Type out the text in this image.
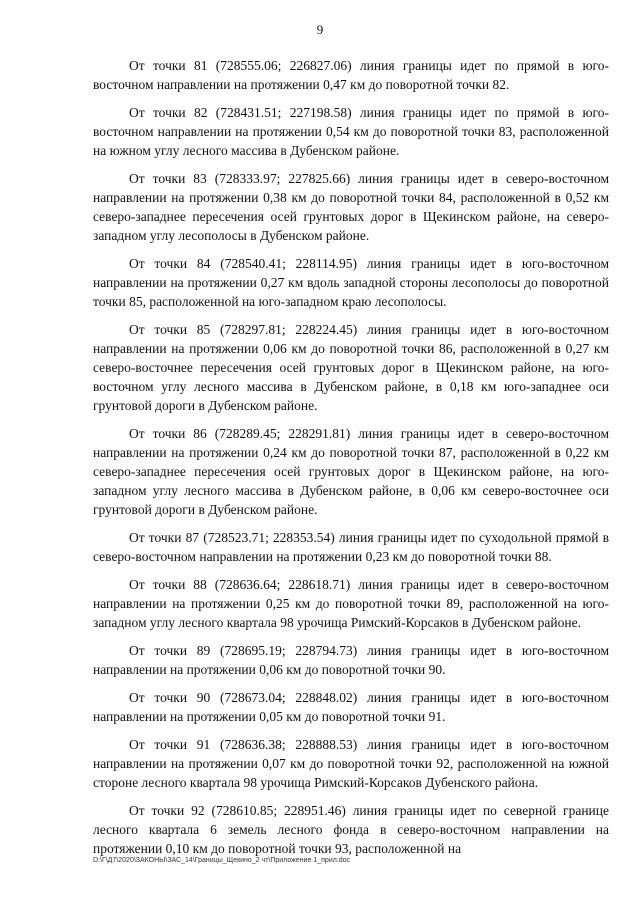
9

От точки 81 (728555.06; 226827.06) линия границы идет по прямой в юго-восточном направлении на протяжении 0,47 км до поворотной точки 82.

От точки 82 (728431.51; 227198.58) линия границы идет по прямой в юго-восточном направлении на протяжении 0,54 км до поворотной точки 83, расположенной на южном углу лесного массива в Дубенском районе.

От точки 83 (728333.97; 227825.66) линия границы идет в северо-восточном направлении на протяжении 0,38 км до поворотной точки 84, расположенной в 0,52 км северо-западнее пересечения осей грунтовых дорог в Щекинском районе, на северо-западном углу лесополосы в Дубенском районе.

От точки 84 (728540.41; 228114.95) линия границы идет в юго-восточном направлении на протяжении 0,27 км вдоль западной стороны лесополосы до поворотной точки 85, расположенной на юго-западном краю лесополосы.

От точки 85 (728297.81; 228224.45) линия границы идет в юго-восточном направлении на протяжении 0,06 км до поворотной точки 86, расположенной в 0,27 км северо-восточнее пересечения осей грунтовых дорог в Щекинском районе, на юго-восточном углу лесного массива в Дубенском районе, в 0,18 км юго-западнее оси грунтовой дороги в Дубенском районе.

От точки 86 (728289.45; 228291.81) линия границы идет в северо-восточном направлении на протяжении 0,24 км до поворотной точки 87, расположенной в 0,22 км северо-западнее пересечения осей грунтовых дорог в Щекинском районе, на юго-западном углу лесного массива в Дубенском районе, в 0,06 км северо-восточнее оси грунтовой дороги в Дубенском районе.

От точки 87 (728523.71; 228353.54) линия границы идет по суходольной прямой в северо-восточном направлении на протяжении 0,23 км до поворотной точки 88.

От точки 88 (728636.64; 228618.71) линия границы идет в северо-восточном направлении на протяжении 0,25 км до поворотной точки 89, расположенной на юго-западном углу лесного квартала 98 урочища Римский-Корсаков в Дубенском районе.

От точки 89 (728695.19; 228794.73) линия границы идет в юго-восточном направлении на протяжении 0,06 км до поворотной точки 90.

От точки 90 (728673.04; 228848.02) линия границы идет в юго-восточном направлении на протяжении 0,05 км до поворотной точки 91.

От точки 91 (728636.38; 228888.53) линия границы идет в юго-восточном направлении на протяжении 0,07 км до поворотной точки 92, расположенной на южной стороне лесного квартала 98 урочища Римский-Корсаков Дубенского района.

От точки 92 (728610.85; 228951.46) линия границы идет по северной границе лесного квартала 6 земель лесного фонда в северо-восточном направлении на протяжении 0,10 км до поворотной точки 93, расположенной на

D:\Г\Д7\2020\ЗАКОНЫ\ЗАС_14\Границы_Щекино_2 чт\Приложение 1_прил.doc
